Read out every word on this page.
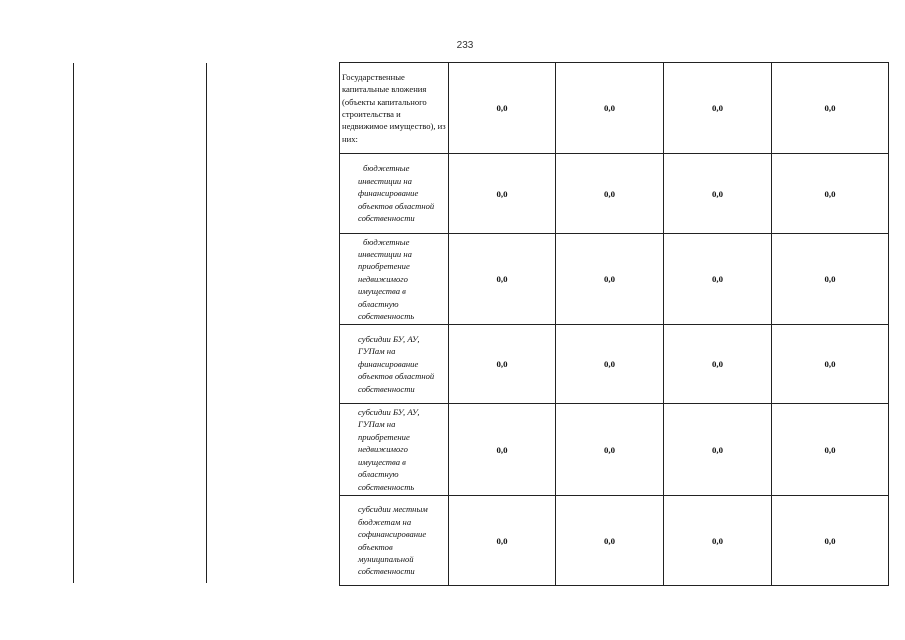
233
Государственные капитальные вложения (объекты капитального строительства и недвижимое имущество), из них:	0,0	0,0	0,0	0,0

бюджетные инвестиции на финансирование объектов областной собственности	0,0	0,0	0,0	0,0

бюджетные инвестиции на приобретение недвижимого имущества в областную собственность	0,0	0,0	0,0	0,0

субсидии БУ, АУ, ГУПам на финансирование объектов областной собственности	0,0	0,0	0,0	0,0

субсидии БУ, АУ, ГУПам на приобретение недвижимого имущества в областную собственность	0,0	0,0	0,0	0,0

субсидии местным бюджетам на софинансирование объектов муниципальной собственности	0,0	0,0	0,0	0,0
